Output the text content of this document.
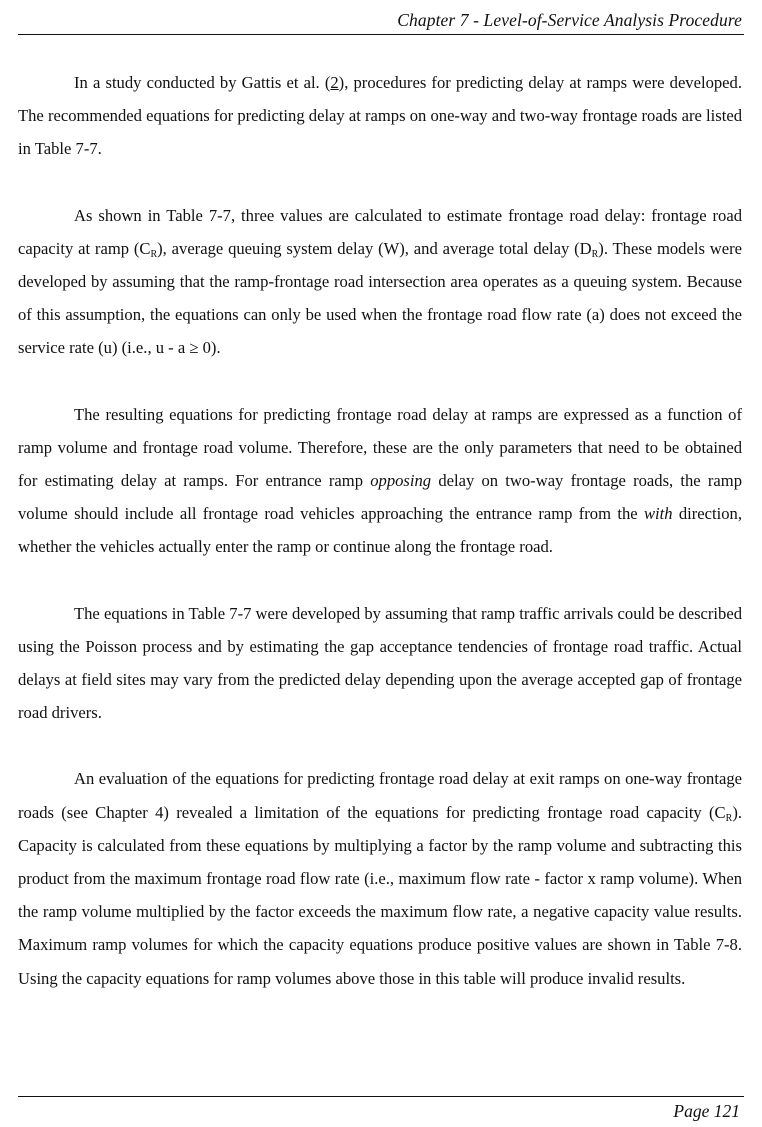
Chapter 7 - Level-of-Service Analysis Procedure

In a study conducted by Gattis et al. (2), procedures for predicting delay at ramps were developed. The recommended equations for predicting delay at ramps on one-way and two-way frontage roads are listed in Table 7-7.

As shown in Table 7-7, three values are calculated to estimate frontage road delay: frontage road capacity at ramp $(C_R)$, average queuing system delay (W), and average total delay $(D_R)$. These models were developed by assuming that the ramp-frontage road intersection area operates as a queuing system. Because of this assumption, the equations can only be used when the frontage road flow rate (a) does not exceed the service rate (u) (i.e., u - a ≥ 0).

The resulting equations for predicting frontage road delay at ramps are expressed as a function of ramp volume and frontage road volume. Therefore, these are the only parameters that need to be obtained for estimating delay at ramps. For entrance ramp opposing delay on two-way frontage roads, the ramp volume should include all frontage road vehicles approaching the entrance ramp from the with direction, whether the vehicles actually enter the ramp or continue along the frontage road.

The equations in Table 7-7 were developed by assuming that ramp traffic arrivals could be described using the Poisson process and by estimating the gap acceptance tendencies of frontage road traffic. Actual delays at field sites may vary from the predicted delay depending upon the average accepted gap of frontage road drivers.

An evaluation of the equations for predicting frontage road delay at exit ramps on one-way frontage roads (see Chapter 4) revealed a limitation of the equations for predicting frontage road capacity $(C_R)$. Capacity is calculated from these equations by multiplying a factor by the ramp volume and subtracting this product from the maximum frontage road flow rate (i.e., maximum flow rate - factor x ramp volume). When the ramp volume multiplied by the factor exceeds the maximum flow rate, a negative capacity value results. Maximum ramp volumes for which the capacity equations produce positive values are shown in Table 7-8. Using the capacity equations for ramp volumes above those in this table will produce invalid results.

Page 121
